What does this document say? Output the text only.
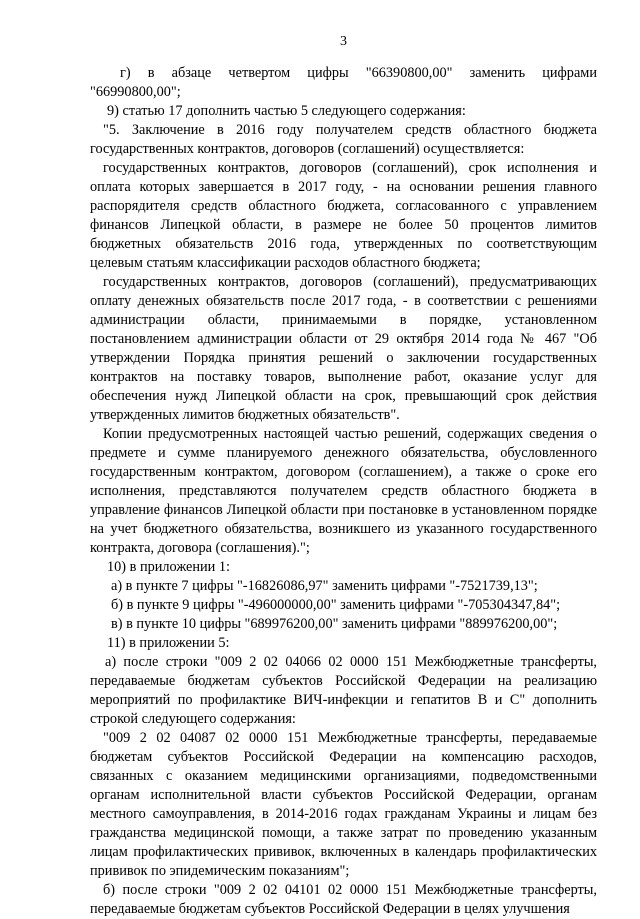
3
г) в абзаце четвертом цифры "66390800,00" заменить цифрами
"66990800,00";
9) статью 17 дополнить частью 5 следующего содержания:
"5. Заключение в 2016 году получателем средств областного бюджета
государственных контрактов, договоров (соглашений) осуществляется:
государственных контрактов, договоров (соглашений), срок исполнения и
оплата которых завершается в 2017 году, - на основании решения главного
распорядителя средств областного бюджета, согласованного с управлением
финансов Липецкой области, в размере не более 50 процентов лимитов
бюджетных обязательств 2016 года, утвержденных по соответствующим
целевым статьям классификации расходов областного бюджета;
государственных контрактов, договоров (соглашений), предусматривающих
оплату денежных обязательств после 2017 года, - в соответствии с решениями
администрации области, принимаемыми в порядке, установленном
постановлением администрации области от 29 октября 2014 года № 467 "Об
утверждении Порядка принятия решений о заключении государственных
контрактов на поставку товаров, выполнение работ, оказание услуг для
обеспечения нужд Липецкой области на срок, превышающий срок действия
утвержденных лимитов бюджетных обязательств".
Копии предусмотренных настоящей частью решений, содержащих сведения о
предмете и сумме планируемого денежного обязательства, обусловленного
государственным контрактом, договором (соглашением), а также о сроке его
исполнения, представляются получателем средств областного бюджета в
управление финансов Липецкой области при постановке в установленном порядке
на учет бюджетного обязательства, возникшего из указанного государственного
контракта, договора (соглашения).";
10) в приложении 1:
а) в пункте 7 цифры "-16826086,97" заменить цифрами "-7521739,13";
б) в пункте 9 цифры "-496000000,00" заменить цифрами "-705304347,84";
в) в пункте 10 цифры "689976200,00" заменить цифрами "889976200,00";
11) в приложении 5:
а) после строки "009 2 02 04066 02 0000 151 Межбюджетные трансферты,
передаваемые бюджетам субъектов Российской Федерации на реализацию
мероприятий по профилактике ВИЧ-инфекции и гепатитов В и С" дополнить
строкой следующего содержания:
"009 2 02 04087 02 0000 151 Межбюджетные трансферты, передаваемые
бюджетам субъектов Российской Федерации на компенсацию расходов,
связанных с оказанием медицинскими организациями, подведомственными
органам исполнительной власти субъектов Российской Федерации, органам
местного самоуправления, в 2014-2016 годах гражданам Украины и лицам без
гражданства медицинской помощи, а также затрат по проведению указанным
лицам профилактических прививок, включенных в календарь профилактических
прививок по эпидемическим показаниям";
б) после строки "009 2 02 04101 02 0000 151 Межбюджетные трансферты,
передаваемые бюджетам субъектов Российской Федерации в целях улучшения
